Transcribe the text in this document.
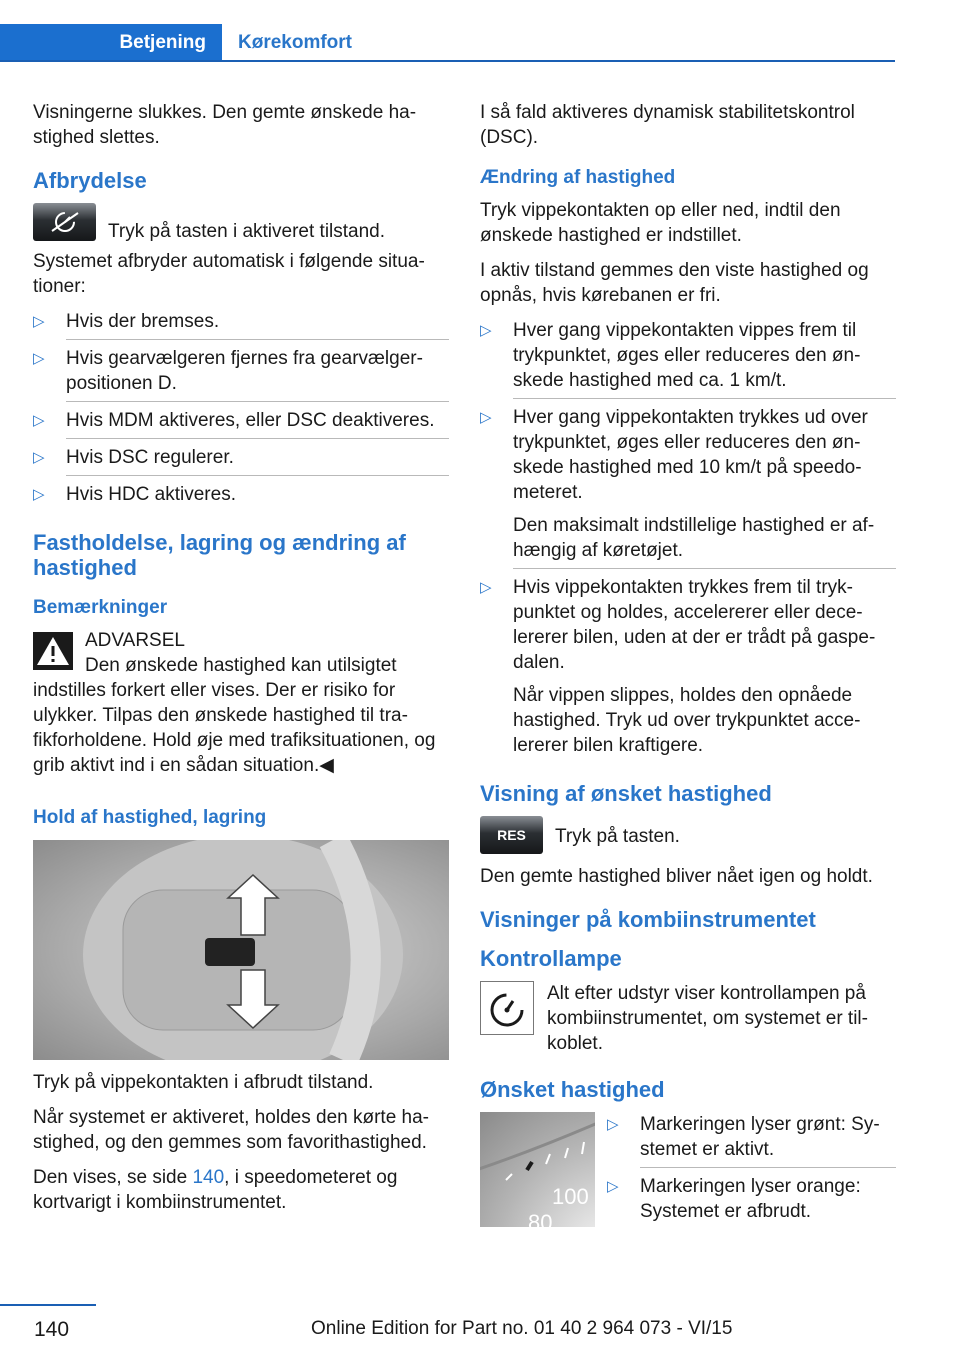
Betjening	Kørekomfort

Visningerne slukkes. Den gemte ønskede hastighed slettes.

Afbrydelse

Tryk på tasten i aktiveret tilstand.

Systemet afbryder automatisk i følgende situationer:

▷ Hvis der bremses.
▷ Hvis gearvælgeren fjernes fra gearvælgerpositionen D.
▷ Hvis MDM aktiveres, eller DSC deaktiveres.
▷ Hvis DSC regulerer.
▷ Hvis HDC aktiveres.
Fastholdelse, lagring og ændring af hastighed
Bemærkninger

ADVARSEL

Den ønskede hastighed kan utilsigtet indstilles forkert eller vises. Der er risiko for ulykker. Tilpas den ønskede hastighed til trafikforholdene. Hold øje med trafiksituationen, og grib aktivt ind i en sådan situation.◀

Hold af hastighed, lagring

Tryk på vippekontakten i afbrudt tilstand.

Når systemet er aktiveret, holdes den kørte hastighed, og den gemmes som favorithastighed.

Den vises, se side 140, i speedometeret og kortvarigt i kombiinstrumentet.

I så fald aktiveres dynamisk stabilitetskontrol (DSC).

Ændring af hastighed

Tryk vippekontakten op eller ned, indtil den ønskede hastighed er indstillet.

I aktiv tilstand gemmes den viste hastighed og opnås, hvis kørebanen er fri.

▷ Hver gang vippekontakten vippes frem til trykpunktet, øges eller reduceres den ønskede hastighed med ca. 1 km/t.
▷ Hver gang vippekontakten trykkes ud over trykpunktet, øges eller reduceres den ønskede hastighed med 10 km/t på speedometeret.
Den maksimalt indstillelige hastighed er afhængig af køretøjet.
▷ Hvis vippekontakten trykkes frem til trykpunktet og holdes, accelererer eller decelererer bilen, uden at der er trådt på gaspedalen.
Når vippen slippes, holdes den opnåede hastighed. Tryk ud over trykpunktet accelererer bilen kraftigere.
Visning af ønsket hastighed
RES	Tryk på tasten.

Den gemte hastighed bliver nået igen og holdt.

Visninger på kombiinstrumentet
Kontrollampe

Alt efter udstyr viser kontrollampen på kombiinstrumentet, om systemet er tilkoblet.

Ønsket hastighed
100
80
▷ Markeringen lyser grønt: Systemet er aktivt.
▷ Markeringen lyser orange: Systemet er afbrudt.
140	Online Edition for Part no. 01 40 2 964 073 - VI/15
